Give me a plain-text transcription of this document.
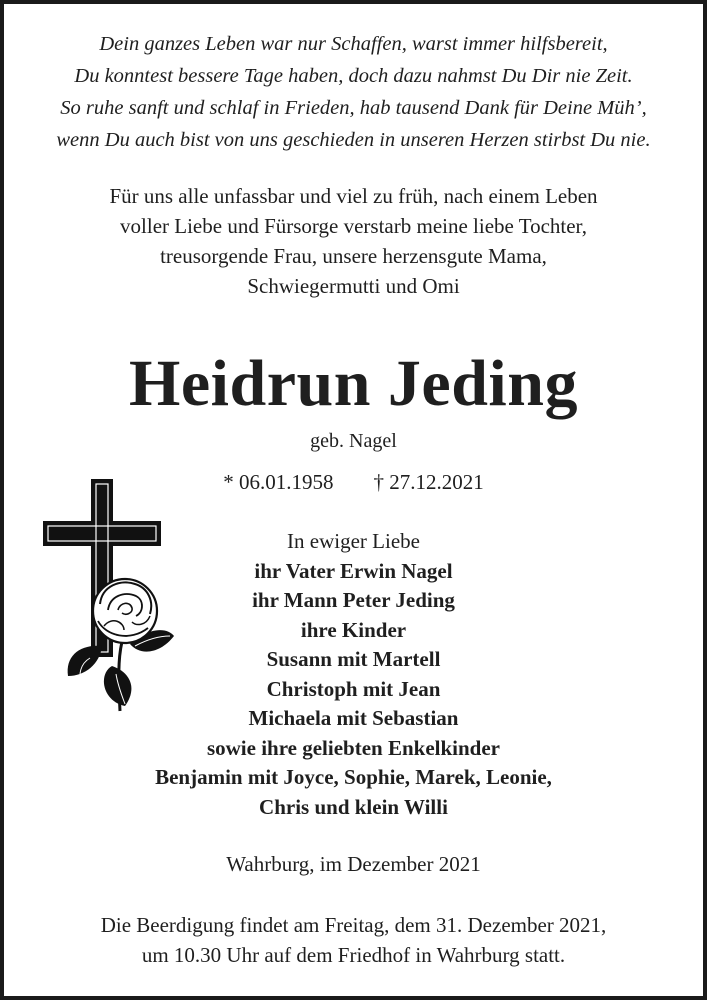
Dein ganzes Leben war nur Schaffen, warst immer hilfsbereit,
Du konntest bessere Tage haben, doch dazu nahmst Du Dir nie Zeit.
So ruhe sanft und schlaf in Frieden, hab tausend Dank für Deine Müh’,
wenn Du auch bist von uns geschieden in unseren Herzen stirbst Du nie.
Für uns alle unfassbar und viel zu früh, nach einem Leben
voller Liebe und Fürsorge verstarb meine liebe Tochter,
treusorgende Frau, unsere herzensgute Mama,
Schwiegermutti und Omi
Heidrun Jeding
geb. Nagel
* 06.01.1958 † 27.12.2021
In ewiger Liebe
ihr Vater Erwin Nagel
ihr Mann Peter Jeding
ihre Kinder
Susann mit Martell
Christoph mit Jean
Michaela mit Sebastian
sowie ihre geliebten Enkelkinder
Benjamin mit Joyce, Sophie, Marek, Leonie,
Chris und klein Willi
Wahrburg, im Dezember 2021
Die Beerdigung findet am Freitag, dem 31. Dezember 2021,
um 10.30 Uhr auf dem Friedhof in Wahrburg statt.
